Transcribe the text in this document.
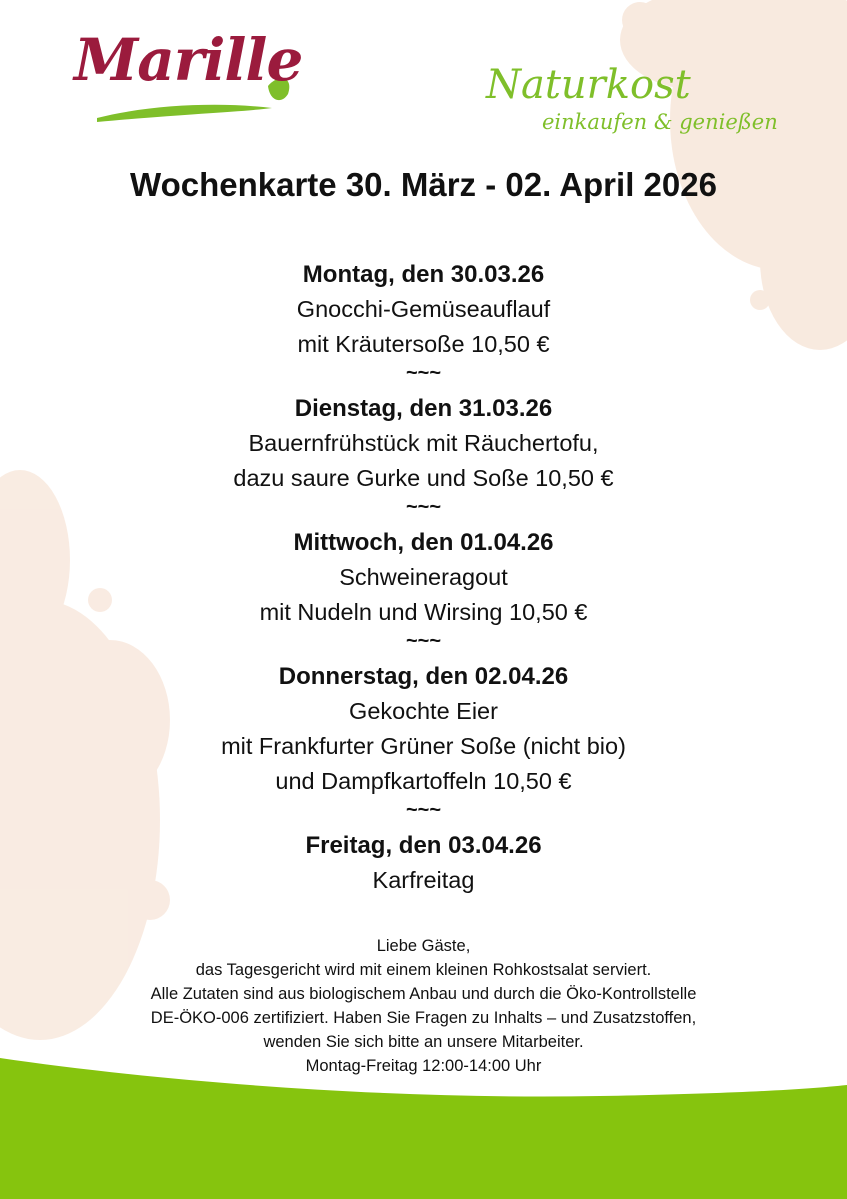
Marille	Naturkost
einkaufen & genießen
Wochenkarte 30. März - 02. April 2026
Montag, den 30.03.26
Gnocchi-Gemüseauflauf
mit Kräutersoße 10,50 €
~~~
Dienstag, den 31.03.26
Bauernfrühstück mit Räuchertofu,
dazu saure Gurke und Soße 10,50 €
~~~
Mittwoch, den 01.04.26
Schweineragout
mit Nudeln und Wirsing 10,50 €
~~~
Donnerstag, den 02.04.26
Gekochte Eier
mit Frankfurter Grüner Soße (nicht bio)
und Dampfkartoffeln 10,50 €
~~~
Freitag, den 03.04.26
Karfreitag
Liebe Gäste,
das Tagesgericht wird mit einem kleinen Rohkostsalat serviert.
Alle Zutaten sind aus biologischem Anbau und durch die Öko-Kontrollstelle
DE-ÖKO-006 zertifiziert. Haben Sie Fragen zu Inhalts – und Zusatzstoffen,
wenden Sie sich bitte an unsere Mitarbeiter.
Montag-Freitag 12:00-14:00 Uhr
